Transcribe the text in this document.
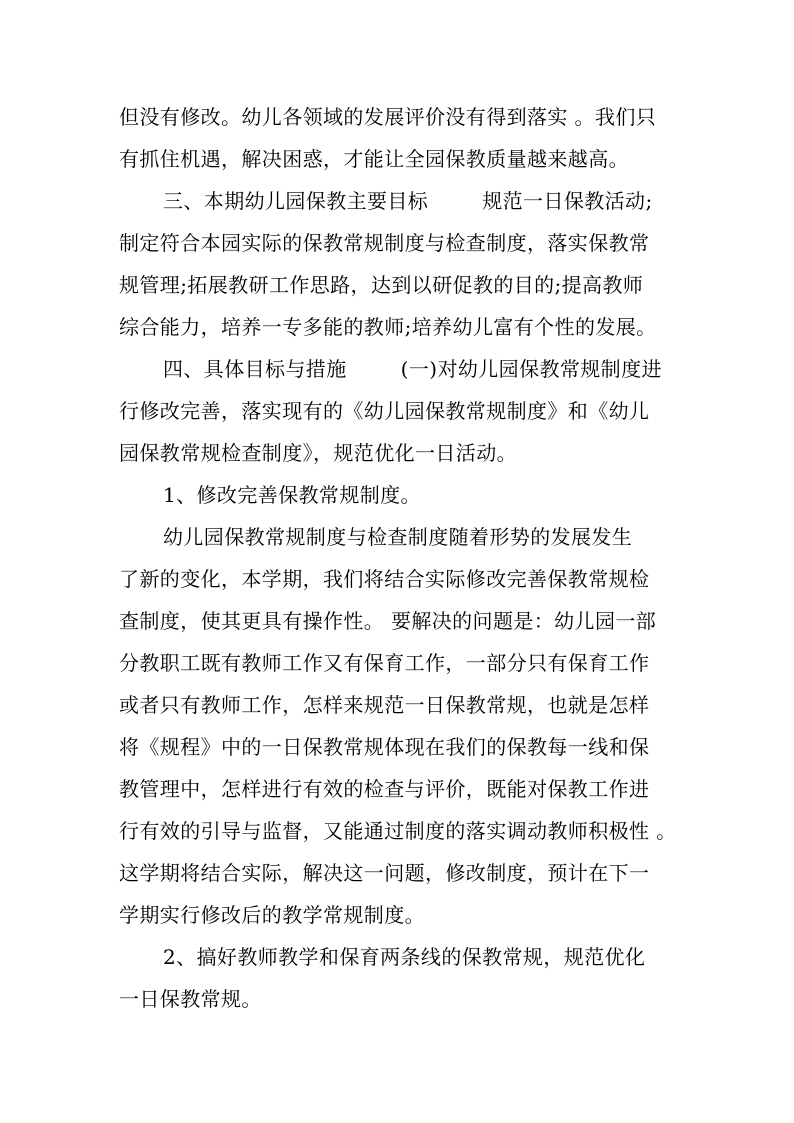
但没有修改。幼儿各领域的发展评价没有得到落实 。我们只
有抓住机遇，解决困惑，才能让全园保教质量越来越高。
三、本期幼儿园保教主要目标        规范一日保教活动;
制定符合本园实际的保教常规制度与检查制度，落实保教常
规管理;拓展教研工作思路，达到以研促教的目的;提高教师
综合能力，培养一专多能的教师;培养幼儿富有个性的发展。
四、具体目标与措施        (一)对幼儿园保教常规制度进
行修改完善，落实现有的《幼儿园保教常规制度》和《幼儿
园保教常规检查制度》，规范优化一日活动。
1、修改完善保教常规制度。
幼儿园保教常规制度与检查制度随着形势的发展发生
了新的变化，本学期，我们将结合实际修改完善保教常规检
查制度，使其更具有操作性。 要解决的问题是：幼儿园一部
分教职工既有教师工作又有保育工作，一部分只有保育工作
或者只有教师工作，怎样来规范一日保教常规，也就是怎样
将《规程》中的一日保教常规体现在我们的保教每一线和保
教管理中，怎样进行有效的检查与评价，既能对保教工作进
行有效的引导与监督，又能通过制度的落实调动教师积极性 。
这学期将结合实际，解决这一问题，修改制度，预计在下一
学期实行修改后的教学常规制度。
2、搞好教师教学和保育两条线的保教常规，规范优化
一日保教常规。
